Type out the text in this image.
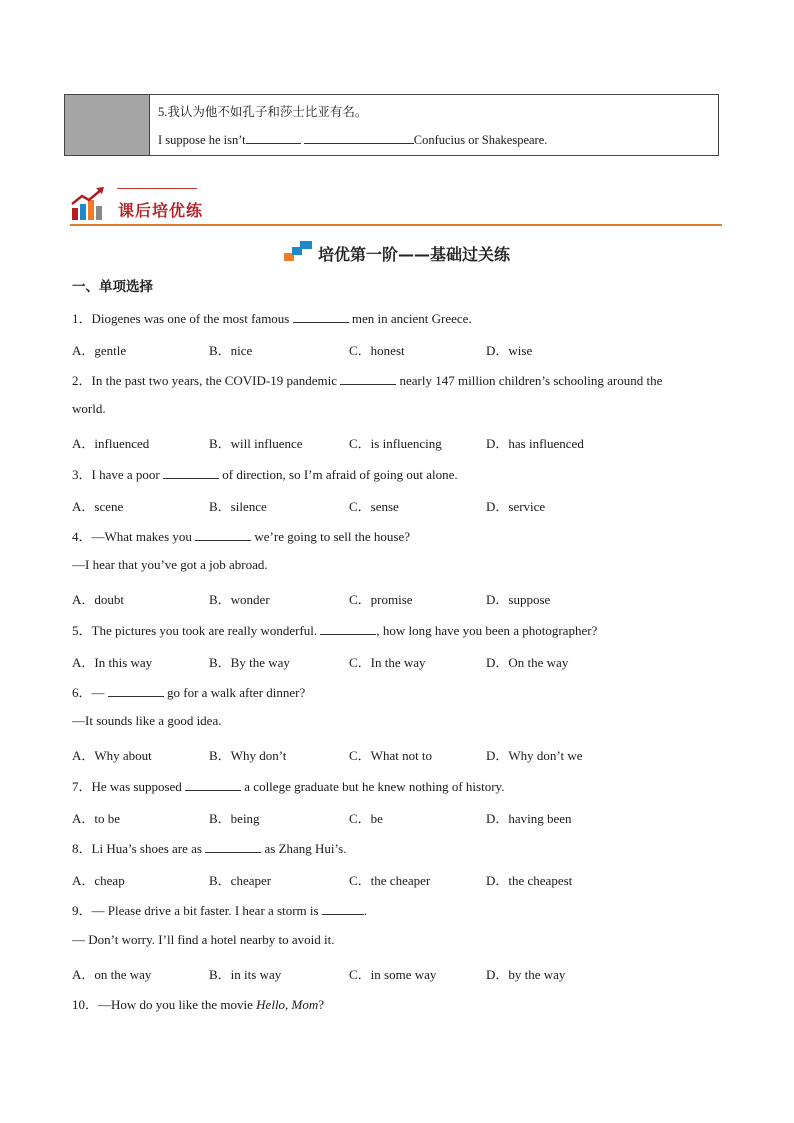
5.我认为他不如孔子和莎士比亚有名。
I suppose he isn’t	Confucius or Shakespeare.
课后培优练
培优第一阶——基础过关练
一、单项选择
1．Diogenes was one of the most famous	men in ancient Greece.
A．gentle	B．nice	C．honest	D．wise
2．In the past two years, the COVID-19 pandemic	nearly 147 million children’s schooling around the
world.
A．influenced	B．will influence	C．is influencing	D．has influenced
3．I have a poor	of direction, so I’m afraid of going out alone.
A．scene	B．silence	C．sense	D．service
4．—What makes you	we’re going to sell the house?
—I hear that you’ve got a job abroad.
A．doubt	B．wonder	C．promise	D．suppose
5．The pictures you took are really wonderful.	, how long have you been a photographer?
A．In this way	B．By the way	C．In the way	D．On the way
6．—	go for a walk after dinner?
—It sounds like a good idea.
A．Why about	B．Why don’t	C．What not to	D．Why don’t we
7．He was supposed	a college graduate but he knew nothing of history.
A．to be	B．being	C．be	D．having been
8．Li Hua’s shoes are as	as Zhang Hui’s.
A．cheap	B．cheaper	C．the cheaper	D．the cheapest
9．— Please drive a bit faster. I hear a storm is	.
— Don’t worry. I’ll find a hotel nearby to avoid it.
A．on the way	B．in its way	C．in some way	D．by the way
10．—How do you like the movie Hello, Mom?
